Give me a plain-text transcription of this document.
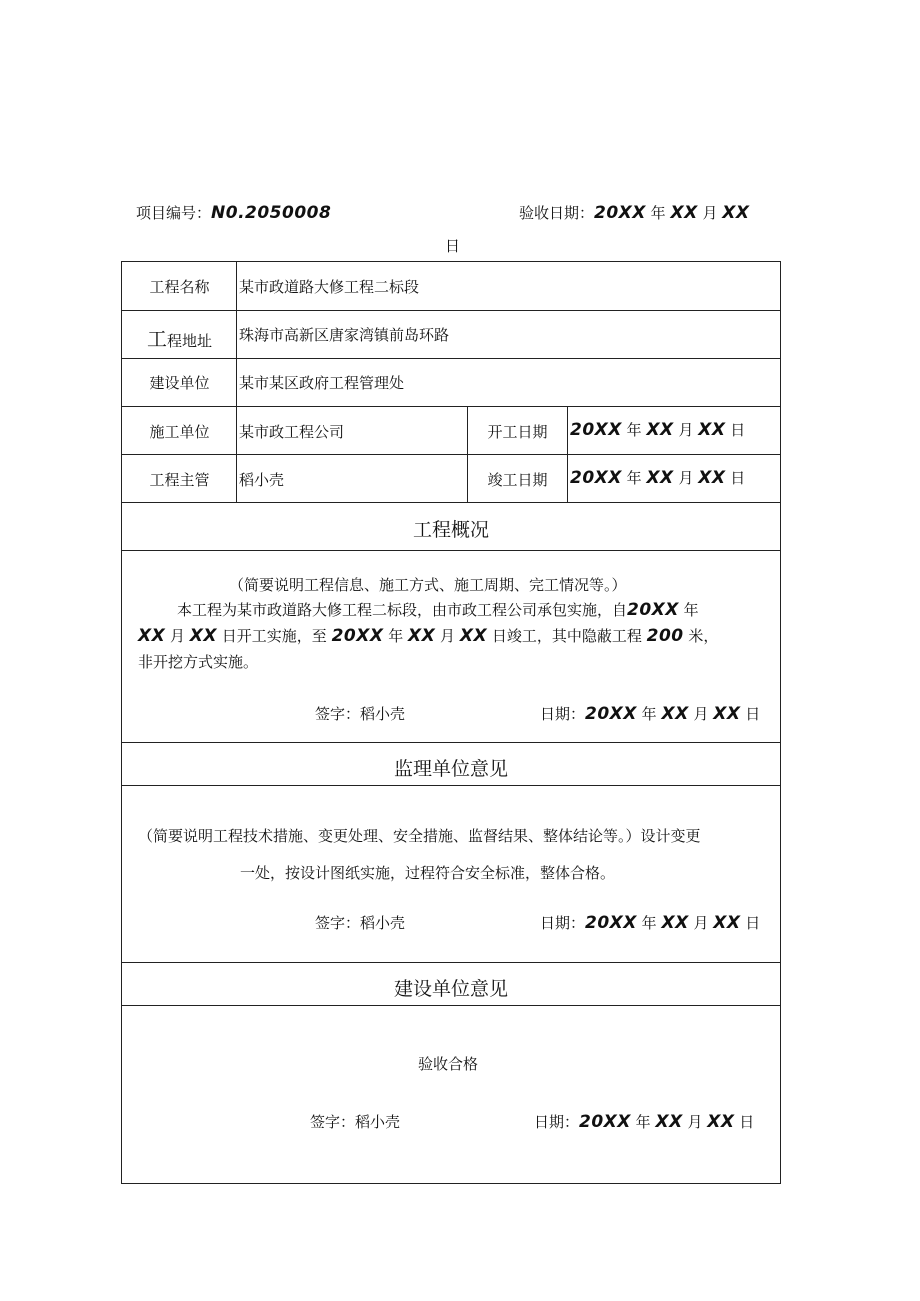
项目编号：N0.2050008	验收日期：20XX 年 XX 月 XX
日
工程名称	某市政道路大修工程二标段
工程地址	珠海市高新区唐家湾镇前岛环路
建设单位	某市某区政府工程管理处
施工单位	某市政工程公司	开工日期	20XX 年 XX 月 XX 日
工程主管	稻小壳	竣工日期	20XX 年 XX 月 XX 日
工程概况
（简要说明工程信息、施工方式、施工周期、完工情况等。）
本工程为某市政道路大修工程二标段，由市政工程公司承包实施，自20XX 年
XX 月 XX 日开工实施，至 20XX 年 XX 月 XX 日竣工，其中隐蔽工程 200 米，
非开挖方式实施。
签字：稻小壳	日期：20XX 年 XX 月 XX 日
监理单位意见
（简要说明工程技术措施、变更处理、安全措施、监督结果、整体结论等。）设计变更
一处，按设计图纸实施，过程符合安全标准，整体合格。
签字：稻小壳	日期：20XX 年 XX 月 XX 日
建设单位意见
验收合格
签字：稻小壳	日期：20XX 年 XX 月 XX 日
